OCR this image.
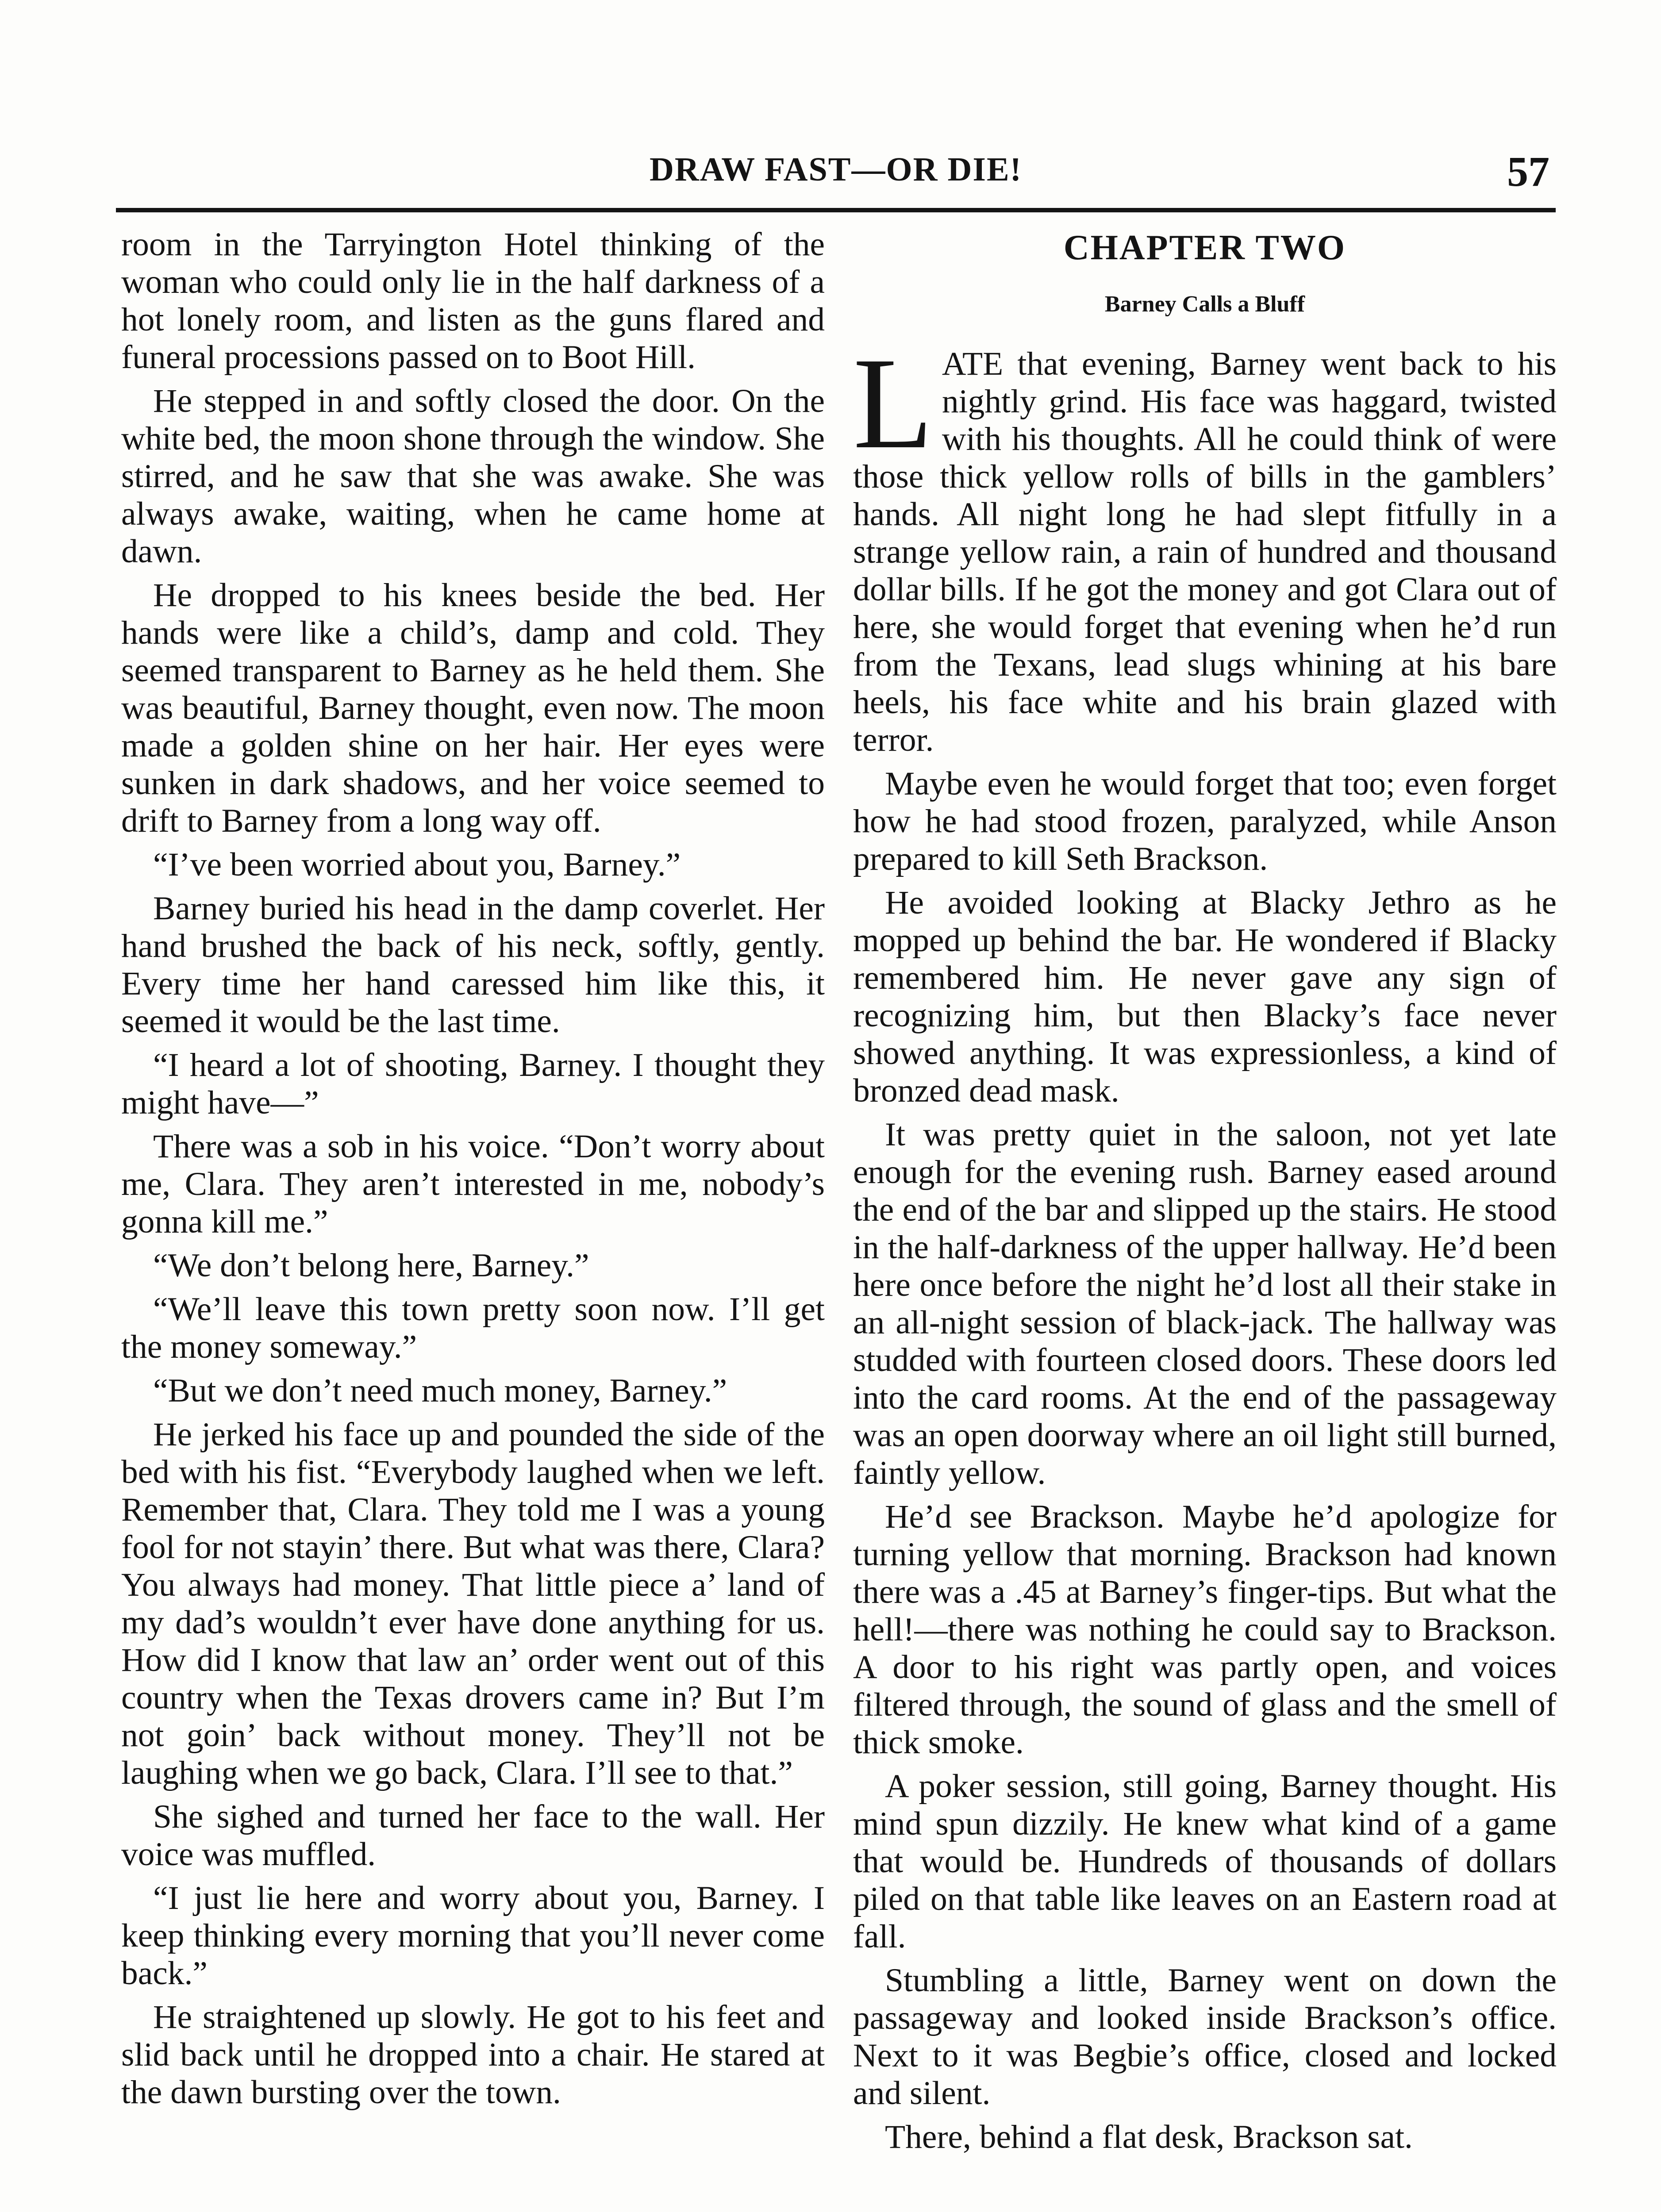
DRAW FAST—OR DIE!	57

room in the Tarryington Hotel thinking of the woman who could only lie in the half darkness of a hot lonely room, and listen as the guns flared and funeral processions passed on to Boot Hill.

He stepped in and softly closed the door. On the white bed, the moon shone through the window. She stirred, and he saw that she was awake. She was always awake, waiting, when he came home at dawn.

He dropped to his knees beside the bed. Her hands were like a child’s, damp and cold. They seemed transparent to Barney as he held them. She was beautiful, Barney thought, even now. The moon made a golden shine on her hair. Her eyes were sunken in dark shadows, and her voice seemed to drift to Barney from a long way off.

“I’ve been worried about you, Barney.”

Barney buried his head in the damp coverlet. Her hand brushed the back of his neck, softly, gently. Every time her hand caressed him like this, it seemed it would be the last time.

“I heard a lot of shooting, Barney. I thought they might have—”

There was a sob in his voice. “Don’t worry about me, Clara. They aren’t interested in me, nobody’s gonna kill me.”

“We don’t belong here, Barney.”

“We’ll leave this town pretty soon now. I’ll get the money someway.”

“But we don’t need much money, Barney.”

He jerked his face up and pounded the side of the bed with his fist. “Everybody laughed when we left. Remember that, Clara. They told me I was a young fool for not stayin’ there. But what was there, Clara? You always had money. That little piece a’ land of my dad’s wouldn’t ever have done anything for us. How did I know that law an’ order went out of this country when the Texas drovers came in? But I’m not goin’ back without money. They’ll not be laughing when we go back, Clara. I’ll see to that.”

She sighed and turned her face to the wall. Her voice was muffled.

“I just lie here and worry about you, Barney. I keep thinking every morning that you’ll never come back.”

He straightened up slowly. He got to his feet and slid back until he dropped into a chair. He stared at the dawn bursting over the town.

CHAPTER TWO
Barney Calls a Bluff

LATE that evening, Barney went back to his nightly grind. His face was haggard, twisted with his thoughts. All he could think of were those thick yellow rolls of bills in the gamblers’ hands. All night long he had slept fitfully in a strange yellow rain, a rain of hundred and thousand dollar bills. If he got the money and got Clara out of here, she would forget that evening when he’d run from the Texans, lead slugs whining at his bare heels, his face white and his brain glazed with terror.

Maybe even he would forget that too; even forget how he had stood frozen, paralyzed, while Anson prepared to kill Seth Brackson.

He avoided looking at Blacky Jethro as he mopped up behind the bar. He wondered if Blacky remembered him. He never gave any sign of recognizing him, but then Blacky’s face never showed anything. It was expressionless, a kind of bronzed dead mask.

It was pretty quiet in the saloon, not yet late enough for the evening rush. Barney eased around the end of the bar and slipped up the stairs. He stood in the half-darkness of the upper hallway. He’d been here once before the night he’d lost all their stake in an all-night session of black-jack. The hallway was studded with fourteen closed doors. These doors led into the card rooms. At the end of the passageway was an open doorway where an oil light still burned, faintly yellow.

He’d see Brackson. Maybe he’d apologize for turning yellow that morning. Brackson had known there was a .45 at Barney’s finger-tips. But what the hell!—there was nothing he could say to Brackson. A door to his right was partly open, and voices filtered through, the sound of glass and the smell of thick smoke.

A poker session, still going, Barney thought. His mind spun dizzily. He knew what kind of a game that would be. Hundreds of thousands of dollars piled on that table like leaves on an Eastern road at fall.

Stumbling a little, Barney went on down the passageway and looked inside Brackson’s office. Next to it was Begbie’s office, closed and locked and silent.

There, behind a flat desk, Brackson sat.
